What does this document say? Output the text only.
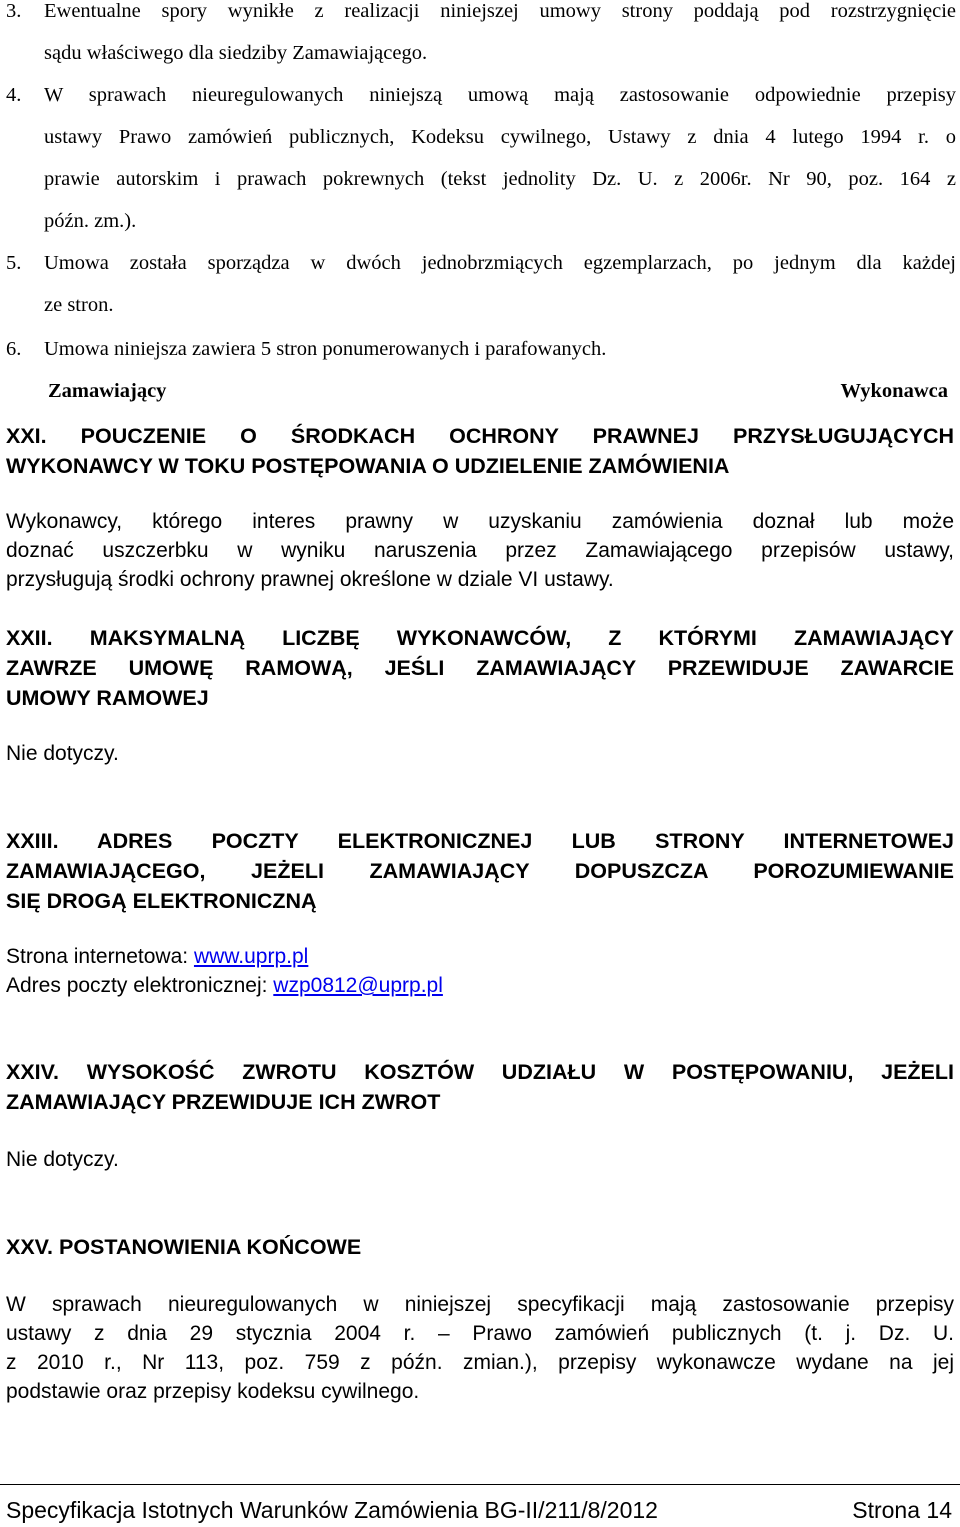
3. Ewentualne spory wynikłe z realizacji niniejszej umowy strony poddają pod rozstrzygnięcie
sądu właściwego dla siedziby Zamawiającego.
4. W sprawach nieuregulowanych niniejszą umową mają zastosowanie odpowiednie przepisy
ustawy Prawo zamówień publicznych, Kodeksu cywilnego, Ustawy z dnia 4 lutego 1994 r. o
prawie autorskim i prawach pokrewnych (tekst jednolity Dz. U. z 2006r. Nr 90, poz. 164 z
późn. zm.).
5. Umowa została sporządza w dwóch jednobrzmiących egzemplarzach, po jednym dla każdej
ze stron.
6. Umowa niniejsza zawiera 5 stron ponumerowanych i parafowanych.
Zamawiający	Wykonawca
XXI. POUCZENIE O ŚRODKACH OCHRONY PRAWNEJ PRZYSŁUGUJĄCYCH
WYKONAWCY W TOKU POSTĘPOWANIA O UDZIELENIE ZAMÓWIENIA
Wykonawcy, którego interes prawny w uzyskaniu zamówienia doznał lub może
doznać uszczerbku w wyniku naruszenia przez Zamawiającego przepisów ustawy,
przysługują środki ochrony prawnej określone w dziale VI ustawy.
XXII. MAKSYMALNĄ LICZBĘ WYKONAWCÓW, Z KTÓRYMI ZAMAWIAJĄCY
ZAWRZE UMOWĘ RAMOWĄ, JEŚLI ZAMAWIAJĄCY PRZEWIDUJE ZAWARCIE
UMOWY RAMOWEJ
Nie dotyczy.
XXIII. ADRES POCZTY ELEKTRONICZNEJ LUB STRONY INTERNETOWEJ
ZAMAWIAJĄCEGO, JEŻELI ZAMAWIAJĄCY DOPUSZCZA POROZUMIEWANIE
SIĘ DROGĄ ELEKTRONICZNĄ
Strona internetowa: www.uprp.pl
Adres poczty elektronicznej: wzp0812@uprp.pl
XXIV. WYSOKOŚĆ ZWROTU KOSZTÓW UDZIAŁU W POSTĘPOWANIU, JEŻELI
ZAMAWIAJĄCY PRZEWIDUJE ICH ZWROT
Nie dotyczy.
XXV. POSTANOWIENIA KOŃCOWE
W sprawach nieuregulowanych w niniejszej specyfikacji mają zastosowanie przepisy
ustawy z dnia 29 stycznia 2004 r. – Prawo zamówień publicznych (t. j. Dz. U.
z 2010 r., Nr 113, poz. 759 z późn. zmian.), przepisy wykonawcze wydane na jej
podstawie oraz przepisy kodeksu cywilnego.
Specyfikacja Istotnych Warunków Zamówienia BG-II/211/8/2012	Strona 14
